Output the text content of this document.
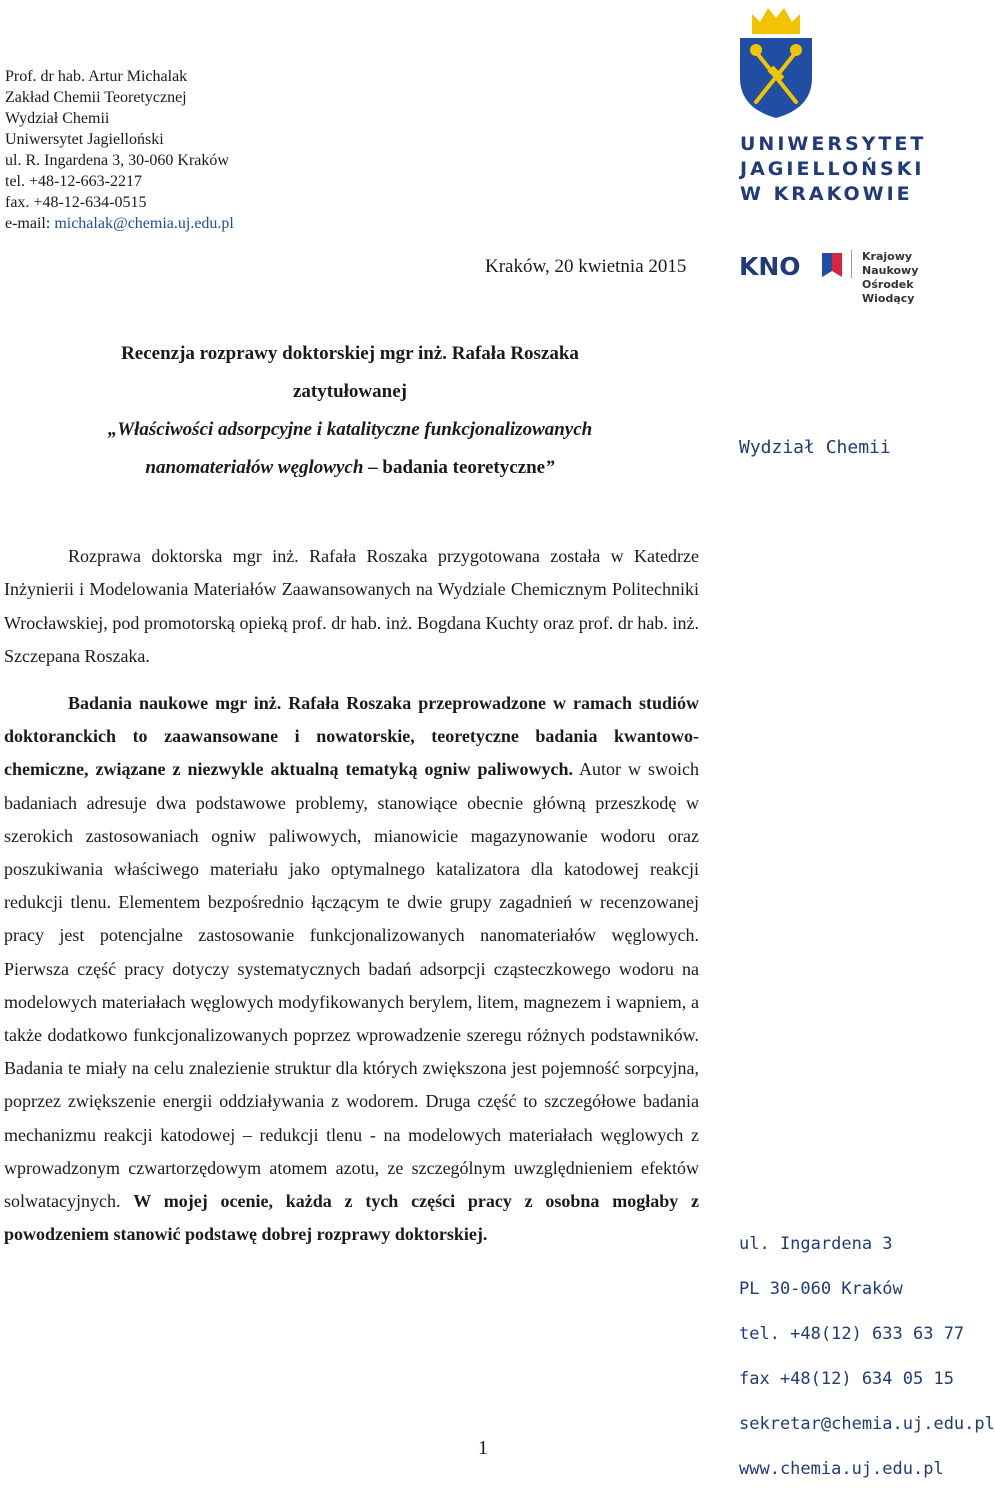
Prof. dr hab. Artur Michalak
Zakład Chemii Teoretycznej
Wydział Chemii
Uniwersytet Jagielloński
ul. R. Ingardena 3, 30-060 Kraków
tel. +48-12-663-2217
fax. +48-12-634-0515
e-mail: michalak@chemia.uj.edu.pl
Kraków, 20 kwietnia 2015
Recenzja rozprawy doktorskiej mgr inż. Rafała Roszaka
zatytułowanej
„Właściwości adsorpcyjne i katalityczne funkcjonalizowanych
nanomateriałów węglowych – badania teoretyczne”
Rozprawa doktorska mgr inż. Rafała Roszaka przygotowana została w Katedrze Inżynierii i Modelowania Materiałów Zaawansowanych na Wydziale Chemicznym Politechniki Wrocławskiej, pod promotorską opieką prof. dr hab. inż. Bogdana Kuchty oraz prof. dr hab. inż. Szczepana Roszaka.
Badania naukowe mgr inż. Rafała Roszaka przeprowadzone w ramach studiów doktoranckich to zaawansowane i nowatorskie, teoretyczne badania kwantowo-chemiczne, związane z niezwykle aktualną tematyką ogniw paliwowych. Autor w swoich badaniach adresuje dwa podstawowe problemy, stanowiące obecnie główną przeszkodę w szerokich zastosowaniach ogniw paliwowych, mianowicie magazynowanie wodoru oraz poszukiwania właściwego materiału jako optymalnego katalizatora dla katodowej reakcji redukcji tlenu. Elementem bezpośrednio łączącym te dwie grupy zagadnień w recenzowanej pracy jest potencjalne zastosowanie funkcjonalizowanych nanomateriałów węglowych. Pierwsza część pracy dotyczy systematycznych badań adsorpcji cząsteczkowego wodoru na modelowych materiałach węglowych modyfikowanych berylem, litem, magnezem i wapniem, a także dodatkowo funkcjonalizowanych poprzez wprowadzenie szeregu różnych podstawników. Badania te miały na celu znalezienie struktur dla których zwiększona jest pojemność sorpcyjna, poprzez zwiększenie energii oddziaływania z wodorem. Druga część to szczegółowe badania mechanizmu reakcji katodowej – redukcji tlenu - na modelowych materiałach węglowych z wprowadzonym czwartorzędowym atomem azotu, ze szczególnym uwzględnieniem efektów solwatacyjnych. W mojej ocenie, każda z tych części pracy z osobna mogłaby z powodzeniem stanowić podstawę dobrej rozprawy doktorskiej.
1
UNIWERSYTET
JAGIELLOŃSKI
W KRAKOWIE
KNO	Krajowy Naukowy
Ośrodek Wiodący
Wydział Chemii
ul. Ingardena 3
PL 30-060 Kraków
tel. +48(12) 633 63 77
fax +48(12) 634 05 15
sekretar@chemia.uj.edu.pl
www.chemia.uj.edu.pl
